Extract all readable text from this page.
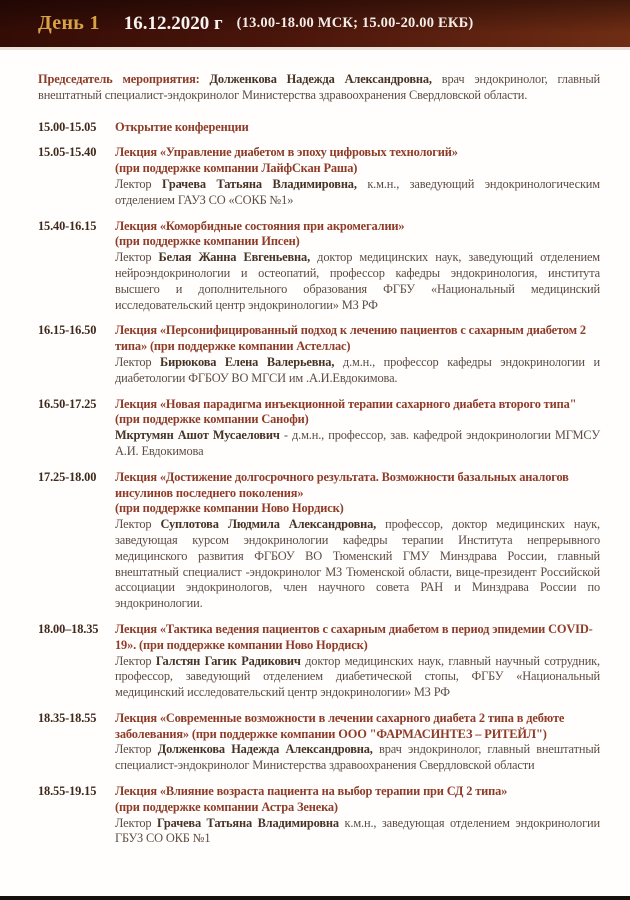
День 1 16.12.2020 г (13.00-18.00 МСК; 15.00-20.00 ЕКБ)

Председатель мероприятия: Долженкова Надежда Александровна, врач эндокринолог, главный внештатный специалист-эндокринолог Министерства здравоохранения Свердловской области.

15.00-15.05	Открытие конференции
15.05-15.40	Лекция «Управление диабетом в эпоху цифровых технологий»
(при поддержке компании ЛайфСкан Раша)
Лектор Грачева Татьяна Владимировна, к.м.н., заведующий эндокринологическим отделением ГАУЗ СО «СОКБ №1»
15.40-16.15	Лекция «Коморбидные состояния при акромегалии»
(при поддержке компании Ипсен)
Лектор Белая Жанна Евгеньевна, доктор медицинских наук, заведующий отделением нейроэндокринологии и остеопатий, профессор кафедры эндокринология, института высшего и дополнительного образования ФГБУ «Национальный медицинский исследовательский центр эндокринологии» МЗ РФ
16.15-16.50	Лекция «Персонифицированный подход к лечению пациентов с сахарным диабетом 2 типа» (при поддержке компании Астеллас)
Лектор Бирюкова Елена Валерьевна, д.м.н., профессор кафедры эндокринологии и диабетологии ФГБОУ ВО МГСИ им .А.И.Евдокимова.
16.50-17.25	Лекция «Новая парадигма инъекционной терапии сахарного диабета второго типа"
(при поддержке компании Санофи)
Мкртумян Ашот Мусаелович - д.м.н., профессор, зав. кафедрой эндокринологии МГМСУ А.И. Евдокимова
17.25-18.00	Лекция «Достижение долгосрочного результата. Возможности базальных аналогов инсулинов последнего поколения»
(при поддержке компании Ново Нордиск)
Лектор Суплотова Людмила Александровна, профессор, доктор медицинских наук, заведующая курсом эндокринологии кафедры терапии Института непрерывного медицинского развития ФГБОУ ВО Тюменский ГМУ Минздрава России, главный внештатный специалист -эндокринолог МЗ Тюменской области, вице-президент Российской ассоциации эндокринологов, член научного совета РАН и Минздрава России по эндокринологии.
18.00–18.35	Лекция «Тактика ведения пациентов с сахарным диабетом в период эпидемии COVID-19». (при поддержке компании Ново Нордиск)
Лектор Галстян Гагик Радикович доктор медицинских наук, главный научный сотрудник, профессор, заведующий отделением диабетической стопы, ФГБУ «Национальный медицинский исследовательский центр эндокринологии» МЗ РФ
18.35-18.55	Лекция «Современные возможности в лечении сахарного диабета 2 типа в дебюте заболевания» (при поддержке компании ООО "ФАРМАСИНТЕЗ – РИТЕЙЛ")
Лектор Долженкова Надежда Александровна, врач эндокринолог, главный внештатный специалист-эндокринолог Министерства здравоохранения Свердловской области
18.55-19.15	Лекция «Влияние возраста пациента на выбор терапии при СД 2 типа»
(при поддержке компании Астра Зенека)
Лектор Грачева Татьяна Владимировна к.м.н., заведующая отделением эндокринологии ГБУЗ СО ОКБ №1
